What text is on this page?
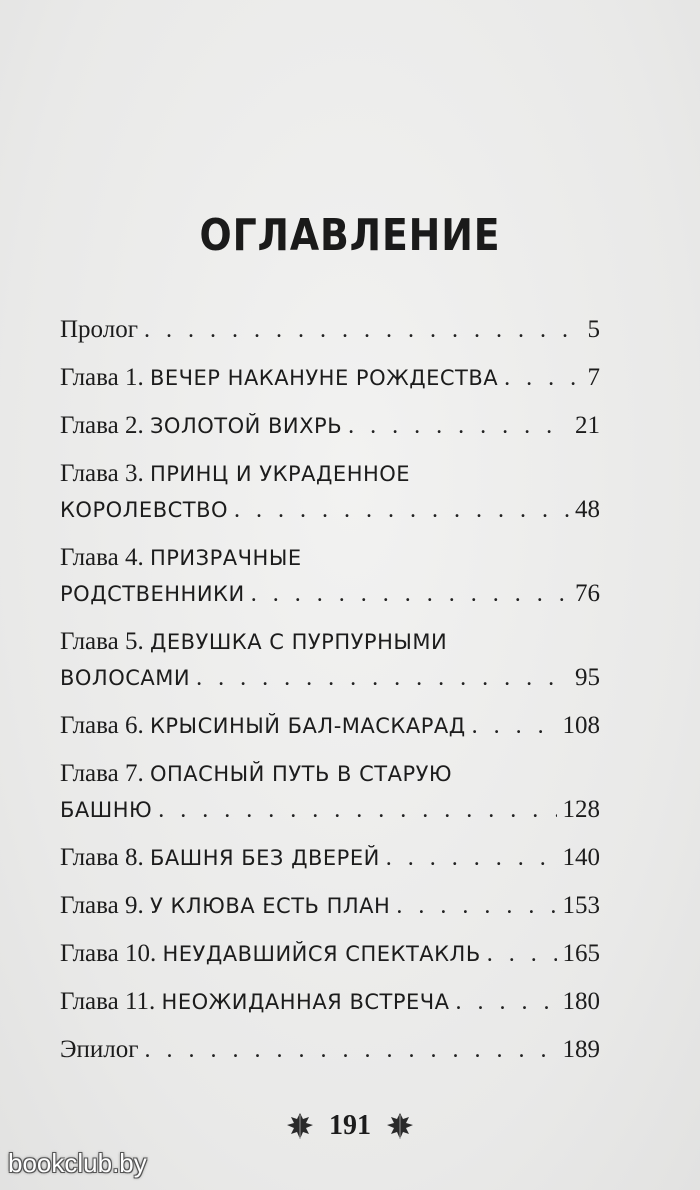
ОГЛАВЛЕНИЕ
Пролог . . .	5
Глава 1.
ВЕЧЕР НАКАНУНЕ РОЖДЕСТВА . . .	7
Глава 2.
ЗОЛОТОЙ ВИХРЬ . . .	21
Глава 3.
ПРИНЦ И УКРАДЕННОЕ
КОРОЛЕВСТВО . . .	48
Глава 4.
ПРИЗРАЧНЫЕ
РОДСТВЕННИКИ . . .	76
Глава 5.
ДЕВУШКА С ПУРПУРНЫМИ
ВОЛОСАМИ . . .	95
Глава 6.
КРЫСИНЫЙ БАЛ-МАСКАРАД . . .	108
Глава 7.
ОПАСНЫЙ ПУТЬ В СТАРУЮ
БАШНЮ . . .	128
Глава 8.
БАШНЯ БЕЗ ДВЕРЕЙ . . .	140
Глава 9.
У КЛЮВА ЕСТЬ ПЛАН . . .	153
Глава 10.
НЕУДАВШИЙСЯ СПЕКТАКЛЬ . . .	165
Глава 11.
НЕОЖИДАННАЯ ВСТРЕЧА . . .	180
Эпилог . . .	189
191
bookclub.by
